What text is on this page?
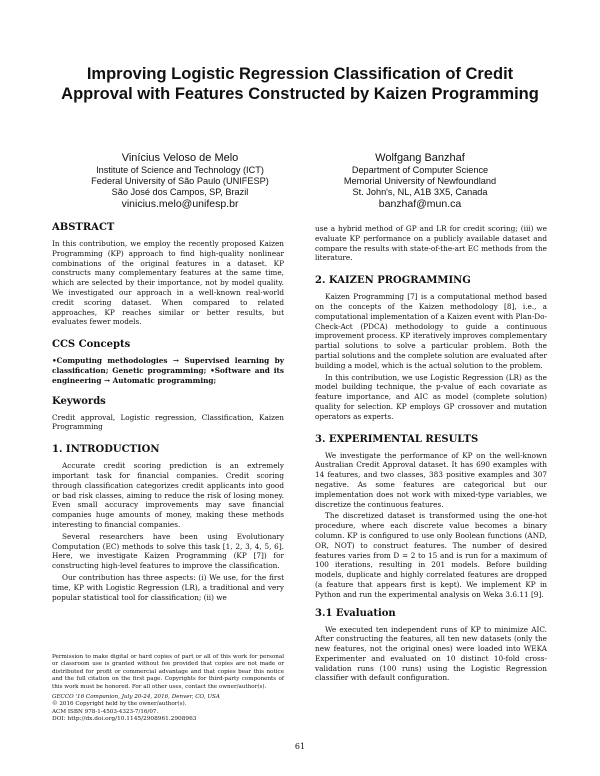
Improving Logistic Regression Classification of Credit Approval with Features Constructed by Kaizen Programming
Vinícius Veloso de Melo
Institute of Science and Technology (ICT)
Federal University of São Paulo (UNIFESP)
São José dos Campos, SP, Brazil
vinicius.melo@unifesp.br
Wolfgang Banzhaf
Department of Computer Science
Memorial University of Newfoundland
St. John's, NL, A1B 3X5, Canada
banzhaf@mun.ca
ABSTRACT

In this contribution, we employ the recently proposed Kaizen Programming (KP) approach to find high-quality nonlinear combinations of the original features in a dataset. KP constructs many complementary features at the same time, which are selected by their importance, not by model quality. We investigated our approach in a well-known real-world credit scoring dataset. When compared to related approaches, KP reaches similar or better results, but evaluates fewer models.

CCS Concepts
•Computing methodologies → Supervised learning by classification; Genetic programming; •Software and its engineering → Automatic programming;
Keywords

Credit approval, Logistic regression, Classification, Kaizen Programming

1. INTRODUCTION

Accurate credit scoring prediction is an extremely important task for financial companies. Credit scoring through classification categorizes credit applicants into good or bad risk classes, aiming to reduce the risk of losing money. Even small accuracy improvements may save financial companies huge amounts of money, making these methods interesting to financial companies.

Several researchers have been using Evolutionary Computation (EC) methods to solve this task [1, 2, 3, 4, 5, 6]. Here, we investigate Kaizen Programming (KP [7]) for constructing high-level features to improve the classification.

Our contribution has three aspects: (i) We use, for the first time, KP with Logistic Regression (LR), a traditional and very popular statistical tool for classification; (ii) we

Permission to make digital or hard copies of part or all of this work for personal or classroom use is granted without fee provided that copies are not made or distributed for profit or commercial advantage and that copies bear this notice and the full citation on the first page. Copyrights for third-party components of this work must be honored. For all other uses, contact the owner/author(s).
GECCO '16 Companion, July 20-24, 2016, Denver, CO, USA
© 2016 Copyright held by the owner/author(s).
ACM ISBN 978-1-4503-4323-7/16/07.
DOI: http://dx.doi.org/10.1145/2908961.2908963

use a hybrid method of GP and LR for credit scoring; (iii) we evaluate KP performance on a publicly available dataset and compare the results with state-of-the-art EC methods from the literature.

2. KAIZEN PROGRAMMING

Kaizen Programming [7] is a computational method based on the concepts of the Kaizen methodology [8], i.e., a computational implementation of a Kaizen event with Plan-Do-Check-Act (PDCA) methodology to guide a continuous improvement process. KP iteratively improves complementary partial solutions to solve a particular problem. Both the partial solutions and the complete solution are evaluated after building a model, which is the actual solution to the problem.

In this contribution, we use Logistic Regression (LR) as the model building technique, the p-value of each covariate as feature importance, and AIC as model (complete solution) quality for selection. KP employs GP crossover and mutation operators as experts.

3. EXPERIMENTAL RESULTS

We investigate the performance of KP on the well-known Australian Credit Approval dataset. It has 690 examples with 14 features, and two classes, 383 positive examples and 307 negative. As some features are categorical but our implementation does not work with mixed-type variables, we discretize the continuous features.

The discretized dataset is transformed using the one-hot procedure, where each discrete value becomes a binary column. KP is configured to use only Boolean functions (AND, OR, NOT) to construct features. The number of desired features varies from D = 2 to 15 and is run for a maximum of 100 iterations, resulting in 201 models. Before building models, duplicate and highly correlated features are dropped (a feature that appears first is kept). We implement KP in Python and run the experimental analysis on Weka 3.6.11 [9].

3.1 Evaluation

We executed ten independent runs of KP to minimize AIC. After constructing the features, all ten new datasets (only the new features, not the original ones) were loaded into WEKA Experimenter and evaluated on 10 distinct 10-fold cross-validation runs (100 runs) using the Logistic Regression classifier with default configuration.

61
